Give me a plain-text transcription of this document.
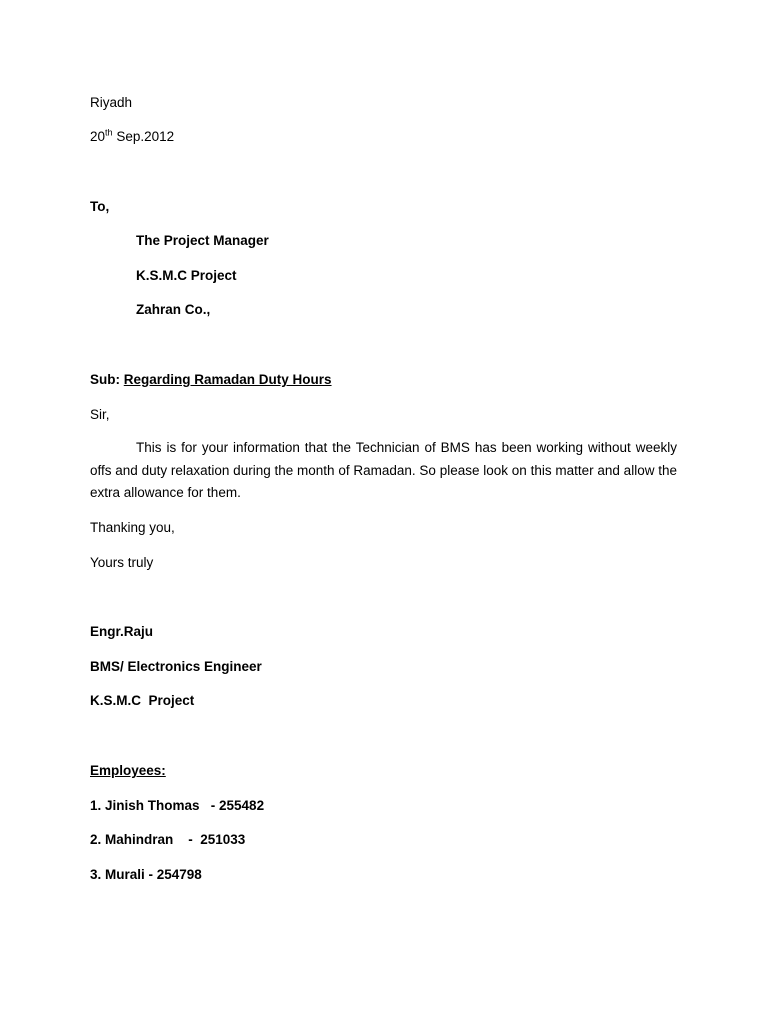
Riyadh
20th Sep.2012
To,
The Project Manager
K.S.M.C Project
Zahran Co.,
Sub: Regarding Ramadan Duty Hours
Sir,
This is for your information that the Technician of BMS has been working without weekly offs and duty relaxation during the month of Ramadan. So please look on this matter and allow the extra allowance for them.
Thanking you,
Yours truly
Engr.Raju
BMS/ Electronics Engineer
K.S.M.C  Project
Employees:
1. Jinish Thomas   - 255482
2. Mahindran    -  251033
3. Murali - 254798
